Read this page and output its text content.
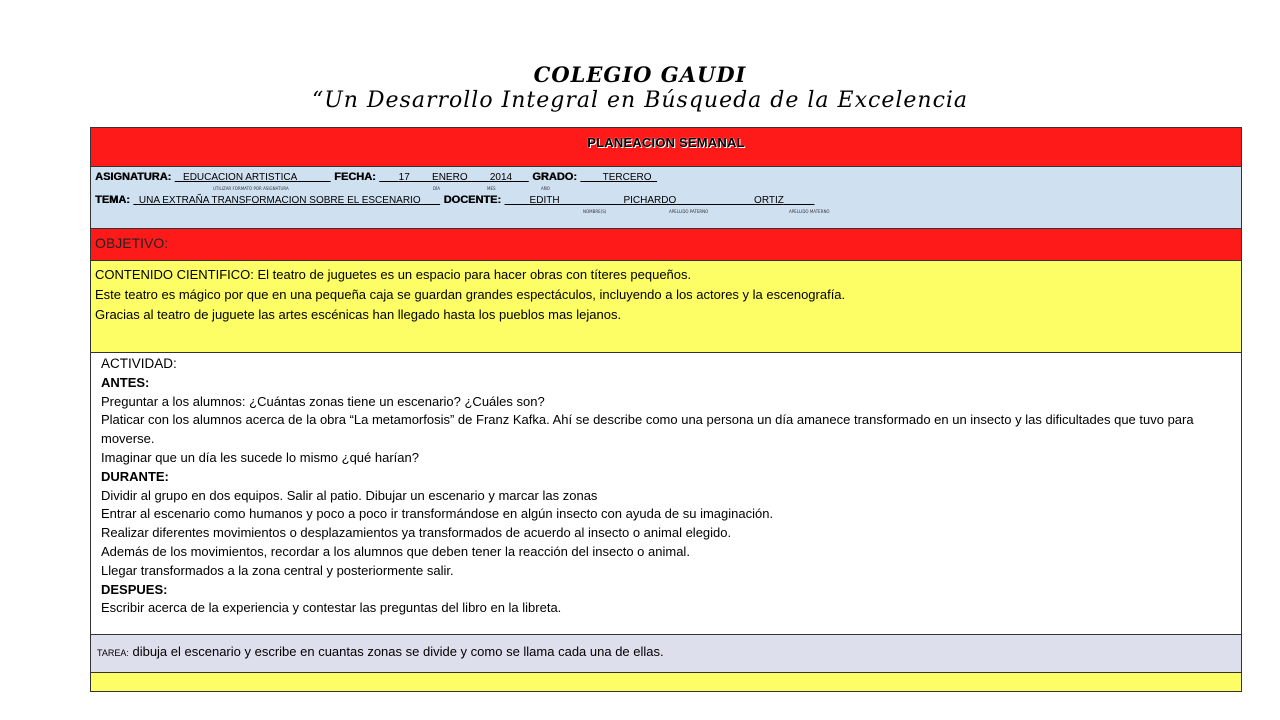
COLEGIO GAUDI
“Un Desarrollo Integral en Búsqueda de la Excelencia
PLANEACION SEMANAL
ASIGNATURA: EDUCACION ARTISTICA	FECHA: 17 ENERO 2014 GRADO:	TERCERO
UTILIZAR FORMATO POR ASIGNATURA	DÍA	MES	AÑO
TEMA: UNA EXTRAÑA TRANSFORMACION SOBRE EL ESCENARIO DOCENTE:	EDITH	PICHARDO	ORTIZ
NOMBRE(S)	APELLIDO PATERNO	APELLIDO MATERNO
OBJETIVO:
CONTENIDO CIENTIFICO: El teatro de juguetes es un espacio para hacer obras con títeres pequeños.
Este teatro es mágico por que en una pequeña caja se guardan grandes espectáculos, incluyendo a los actores y la escenografía.
Gracias al teatro de juguete las artes escénicas han llegado hasta los pueblos mas lejanos.
ACTIVIDAD:
ANTES:
Preguntar a los alumnos: ¿Cuántas zonas tiene un escenario? ¿Cuáles son?
Platicar con los alumnos acerca de la obra “La metamorfosis” de Franz Kafka. Ahí se describe como una persona un día amanece transformado en un insecto y las dificultades que tuvo para moverse.
Imaginar que un día les sucede lo mismo ¿qué harían?
DURANTE:
Dividir al grupo en dos equipos. Salir al patio. Dibujar un escenario y marcar las zonas
Entrar al escenario como humanos y poco a poco ir transformándose en algún insecto con ayuda de su imaginación.
Realizar diferentes movimientos o desplazamientos ya transformados de acuerdo al insecto o animal elegido.
Además de los movimientos, recordar a los alumnos que deben tener la reacción del insecto o animal.
Llegar transformados a la zona central y posteriormente salir.
DESPUES:
Escribir acerca de la experiencia y contestar las preguntas del libro en la libreta.
TAREA: dibuja el escenario y escribe en cuantas zonas se divide y como se llama cada una de ellas.
